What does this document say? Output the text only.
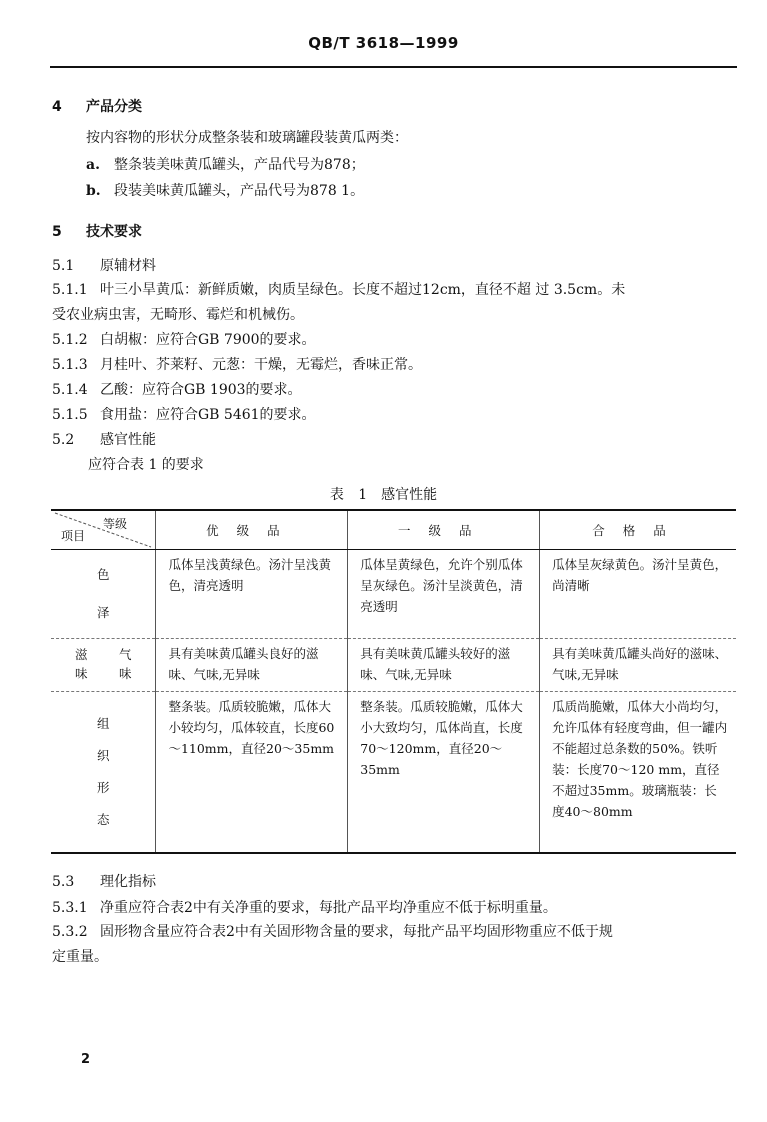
QB/T 3618—1999
4 产品分类
按内容物的形状分成整条装和玻璃罐段装黄瓜两类：
a. 整条装美味黄瓜罐头，产品代号为878；
b. 段装美味黄瓜罐头，产品代号为878 1。
5 技术要求
5.1 原辅材料
5.1.1 叶三小旱黄瓜：新鲜质嫩，肉质呈绿色。长度不超过12cm，直径不超 过 3.5cm。未
受农业病虫害，无畸形、霉烂和机械伤。
5.1.2 白胡椒：应符合GB 7900的要求。
5.1.3 月桂叶、芥莱籽、元葱：干燥，无霉烂，香味正常。
5.1.4 乙酸：应符合GB 1903的要求。
5.1.5 食用盐：应符合GB 5461的要求。
5.2 感官性能
应符合表 1 的要求
表 1 感官性能
等级
项目	优级品	一级品	合格品

色
泽	瓜体呈浅黄绿色。汤汁呈浅黄色，清亮透明	瓜体呈黄绿色，允许个别瓜体呈灰绿色。汤汁呈淡黄色，清亮透明	瓜体呈灰绿黄色。汤汁呈黄色，尚清晰

滋
味
气
味	具有美味黄瓜罐头良好的滋味、气味,无异味	具有美味黄瓜罐头较好的滋味、气味,无异味	具有美味黄瓜罐头尚好的滋味、气味,无异味

组
织
形
态	整条装。瓜质较脆嫩，瓜体大小较均匀，瓜体较直，长度60～110mm，直径20～35mm	整条装。瓜质较脆嫩，瓜体大小大致均匀，瓜体尚直，长度70～120mm，直径20～35mm	瓜质尚脆嫩，瓜体大小尚均匀，允许瓜体有轻度弯曲，但一罐内不能超过总条数的50%。铁听装：长度70～120 mm，直径不超过35mm。玻璃瓶装：长度40～80mm
5.3 理化指标
5.3.1 净重应符合表2中有关净重的要求，每批产品平均净重应不低于标明重量。
5.3.2 固形物含量应符合表2中有关固形物含量的要求，每批产品平均固形物重应不低于规
定重量。
2
